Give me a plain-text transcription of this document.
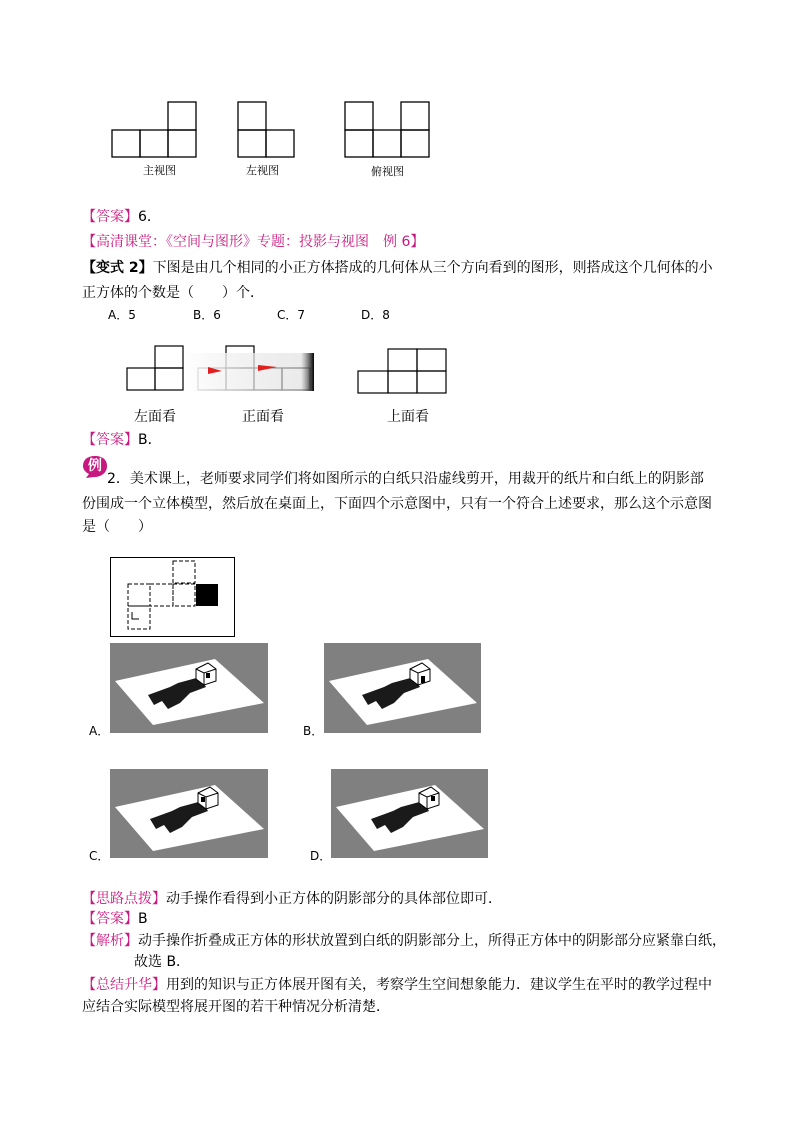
主视图	左视图	俯视图
【答案】6．
【高清课堂：《空间与图形》专题：投影与视图　例 6】
【变式 2】下图是由几个相同的小正方体搭成的几何体从三个方向看到的图形，则搭成这个几何体的小
正方体的个数是（　　）个．
A．5	B．6	C．7	D．8
左面看	正面看	上面看
【答案】B．
例
2．美术课上，老师要求同学们将如图所示的白纸只沿虚线剪开，用裁开的纸片和白纸上的阴影部
份围成一个立体模型，然后放在桌面上，下面四个示意图中，只有一个符合上述要求，那么这个示意图
是（　　）
A．	B．
C．	D．
【思路点拨】动手操作看得到小正方体的阴影部分的具体部位即可．
【答案】B
【解析】动手操作折叠成正方体的形状放置到白纸的阴影部分上，所得正方体中的阴影部分应紧靠白纸，
故选 B．
【总结升华】用到的知识与正方体展开图有关，考察学生空间想象能力．建议学生在平时的教学过程中
应结合实际模型将展开图的若干种情况分析清楚．
